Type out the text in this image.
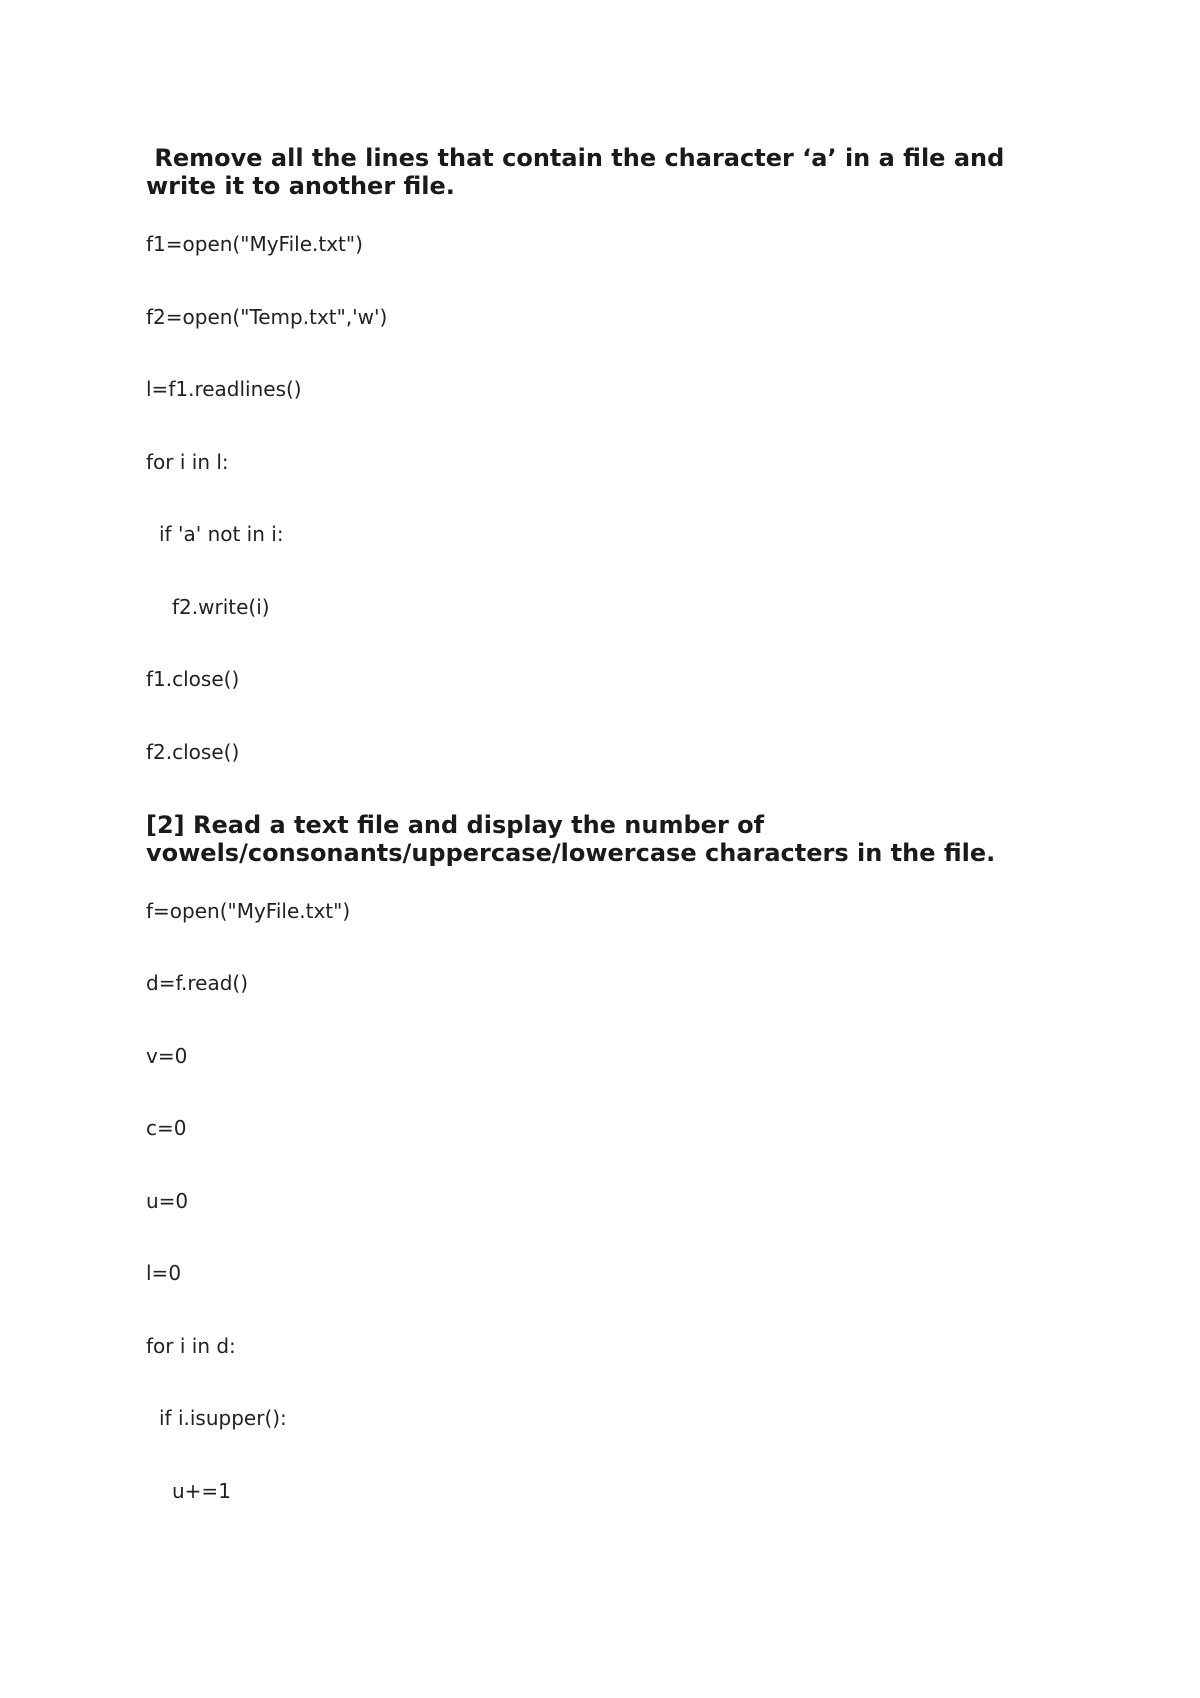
Remove all the lines that contain the character ‘a’ in a file and write it to another file.

f1=open("MyFile.txt")

f2=open("Temp.txt",'w')

l=f1.readlines()

for i in l:

if 'a' not in i:

f2.write(i)

f1.close()

f2.close()

[2] Read a text file and display the number of vowels/consonants/uppercase/lowercase characters in the file.

f=open("MyFile.txt")

d=f.read()

v=0

c=0

u=0

l=0

for i in d:

if i.isupper():

u+=1
